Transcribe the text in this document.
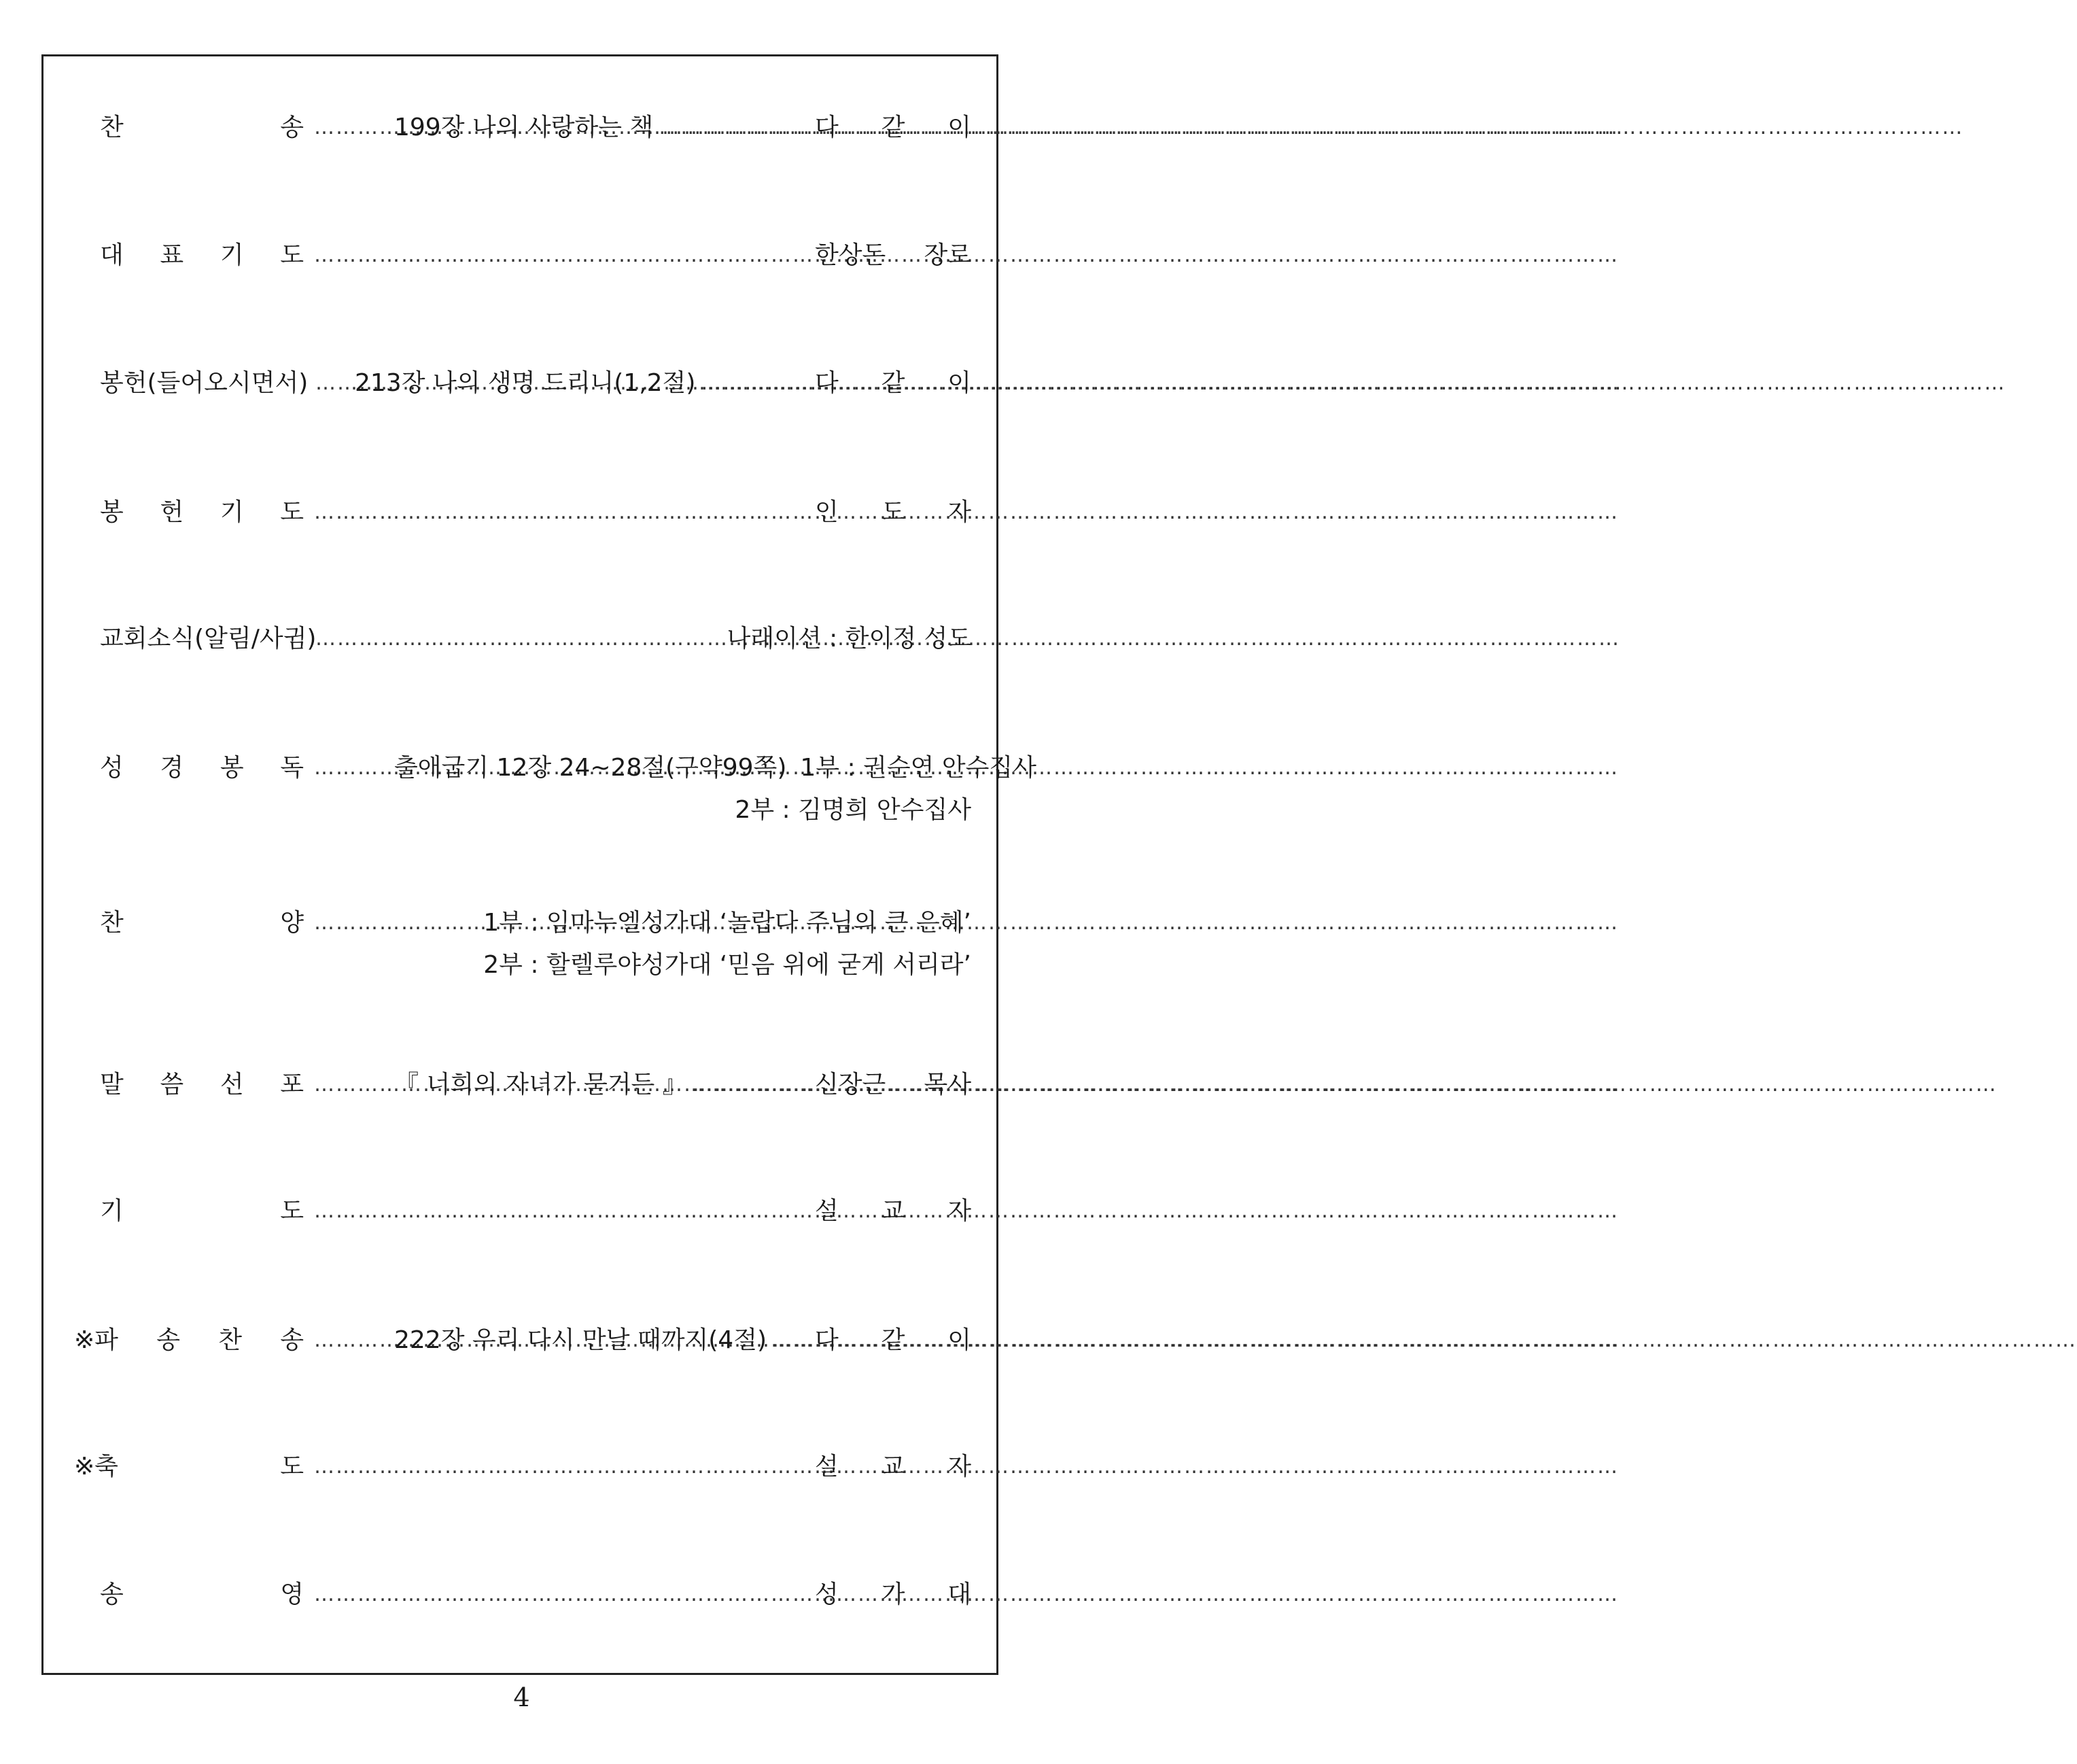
찬	송 ………………………………………………………………………………………………………………………………………………………………	199장 나의 사랑하는 책 ………………………………………………………………………………………………………………………………………………………………	다 같 이
대 표 기 도 ………………………………………………………………………………………………………………………………………………………………	한상돈 장로
봉헌(들어오시면서) ……………………………………………………………………………………………………………………………………………………………… 213장 나의 생명 드리니(1,2절) ………………………………………………………………………………………………………………………………………………………………	다 같 이
봉 헌 기 도 ………………………………………………………………………………………………………………………………………………………………	인 도 자
교회소식(알림/사귐) ………………………………………………………………………………………………………………………………………………………………	나래이션 : 한이정 성도
성 경 봉 독 ………………………………………………………………………………………………………………………………………………………………	출애굽기 12장 24~28절(구약99쪽) 1부 : 권순연 안수집사
2부 : 김명희 안수집사
찬	양 ………………………………………………………………………………………………………………………………………………………………	1부 : 임마누엘성가대 ‘놀랍다 주님의 큰 은혜’
2부 : 할렐루야성가대 ‘믿음 위에 굳게 서리라’
말 씀 선 포 ………………………………………………………………………………………………………………………………………………………………	『 너희의 자녀가 묻거든 』 ………………………………………………………………………………………………………………………………………………………………	신장근 목사
기	도 ………………………………………………………………………………………………………………………………………………………………	설 교 자
※파 송 찬 송 ………………………………………………………………………………………………………………………………………………………………	222장 우리 다시 만날 때까지(4절) ……………………………………………………………………………………………………………………………………………………………… 다 같 이
※축	도 ………………………………………………………………………………………………………………………………………………………………	설 교 자
송	영 ………………………………………………………………………………………………………………………………………………………………	성 가 대
4
